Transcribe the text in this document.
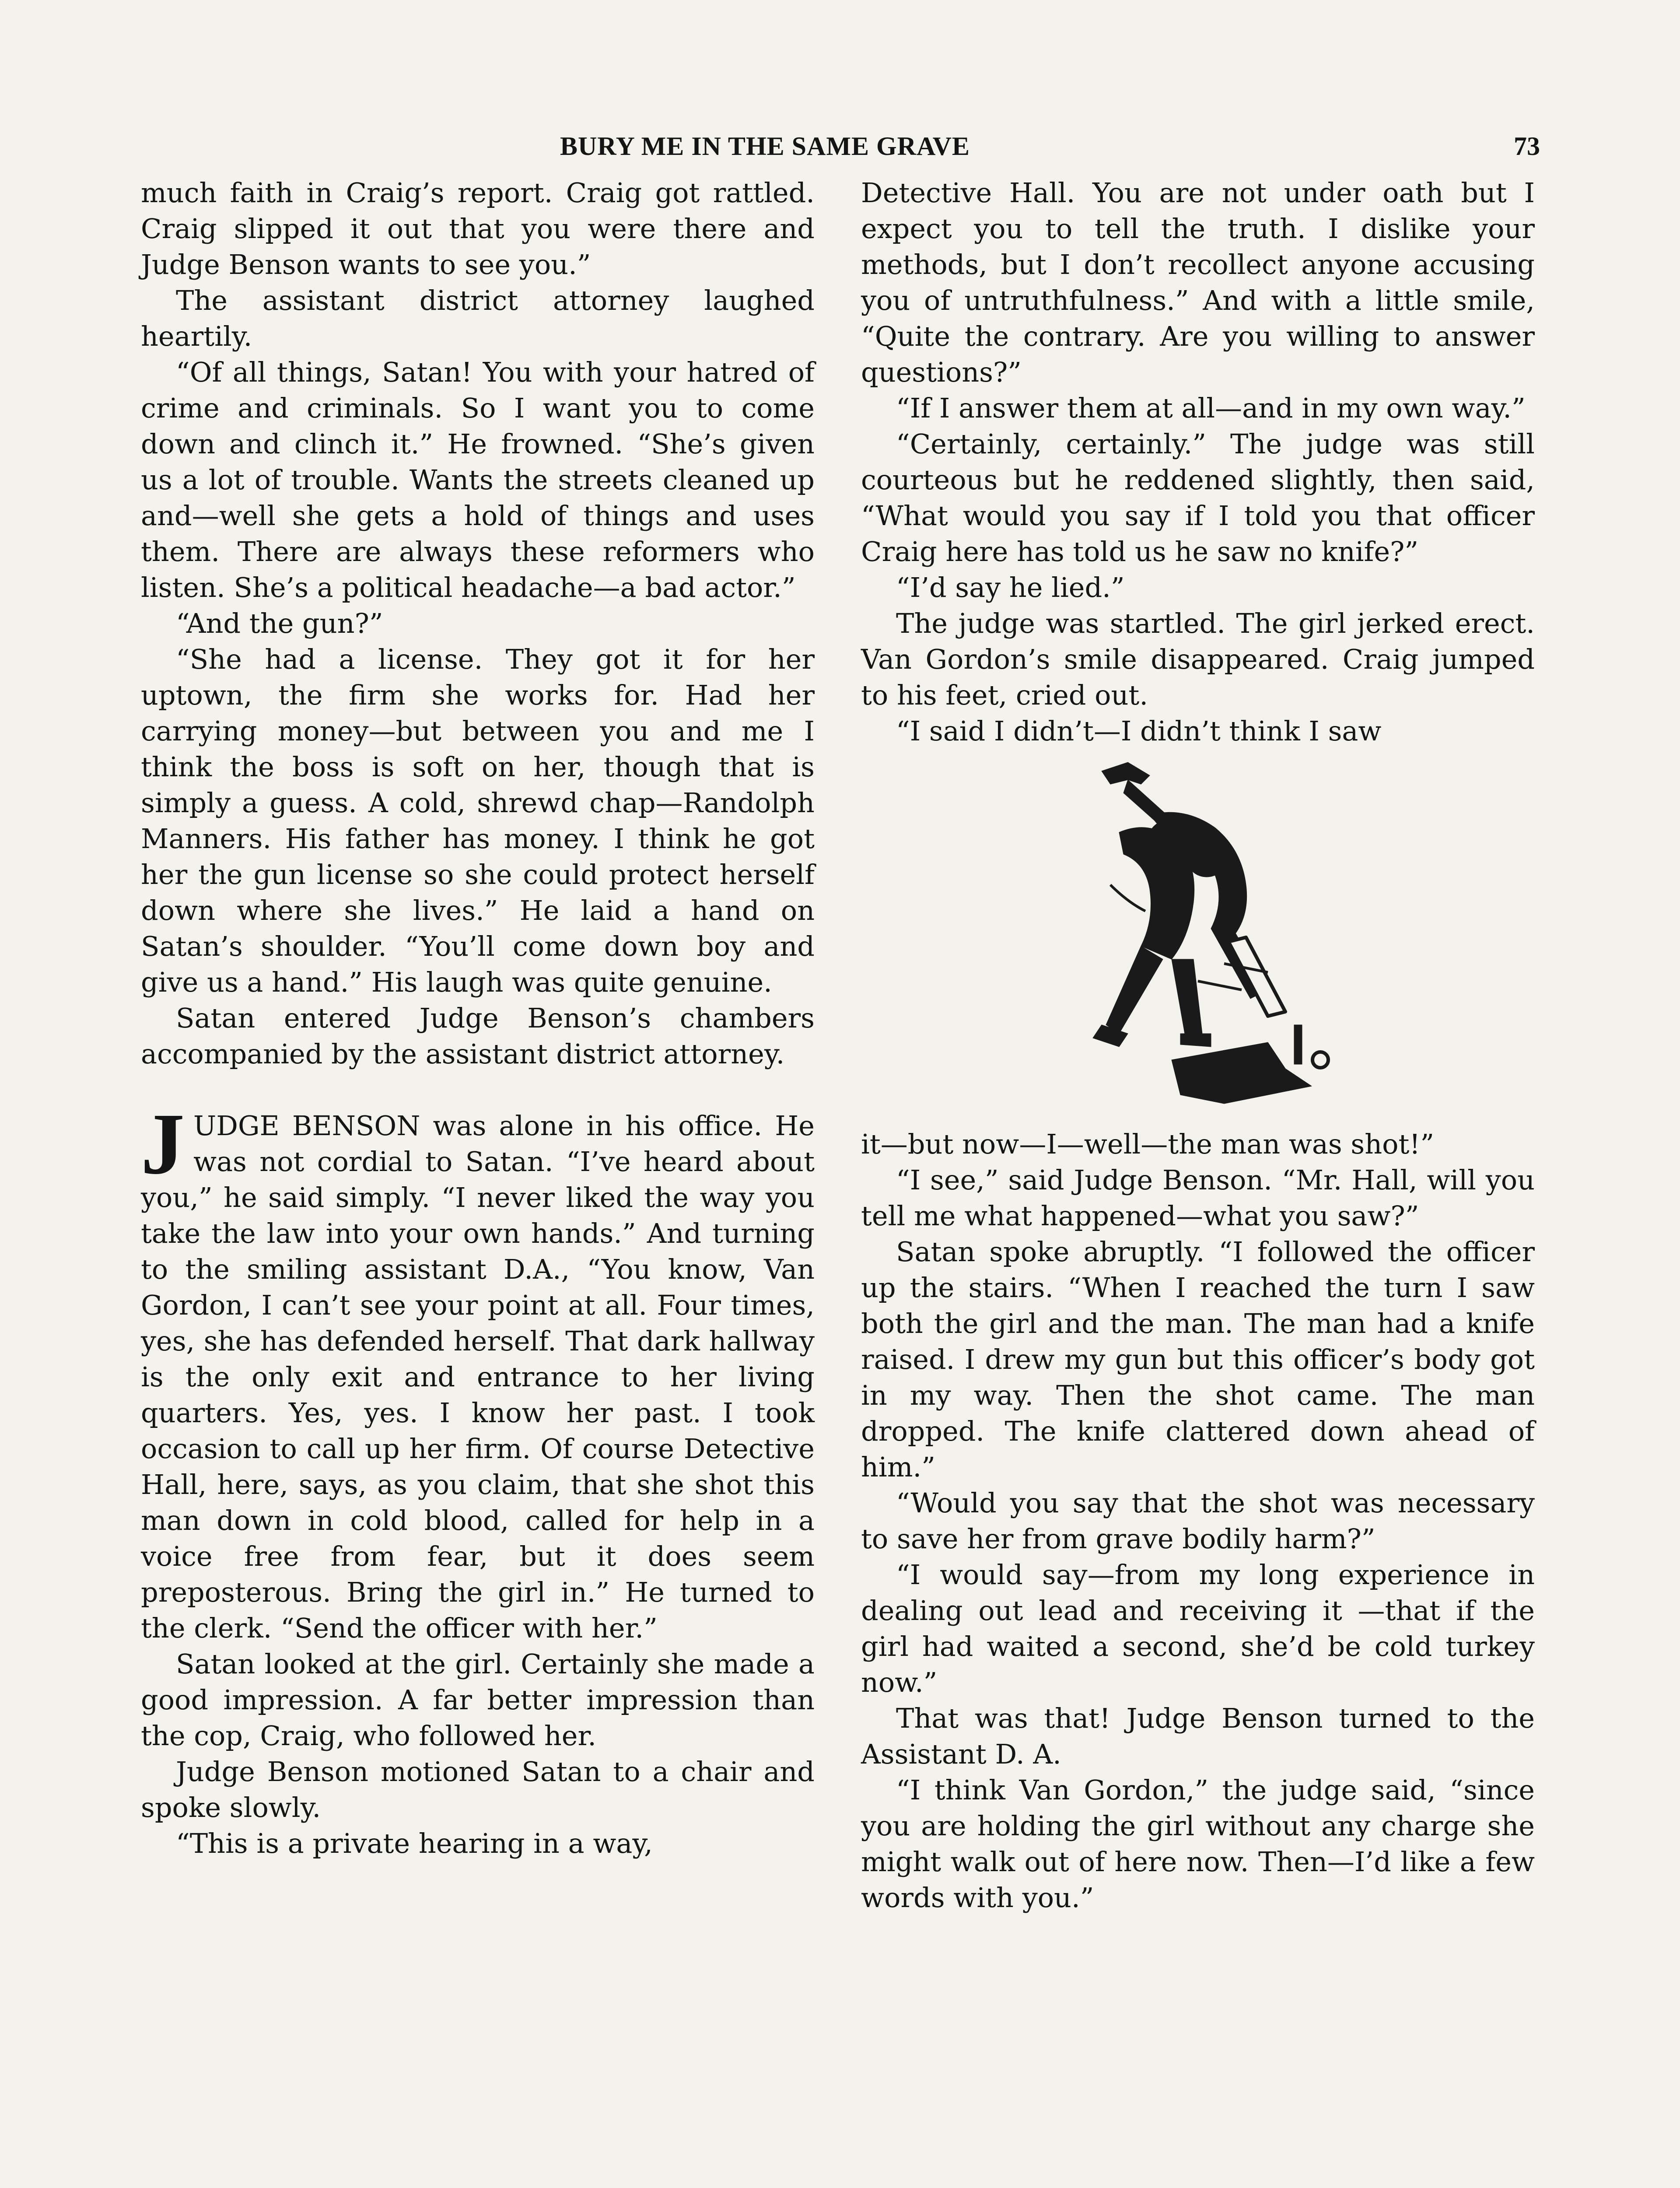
BURY ME IN THE SAME GRAVE	73

much faith in Craig’s report. Craig got rattled. Craig slipped it out that you were there and Judge Benson wants to see you.”

The assistant district attorney laughed heartily.

“Of all things, Satan! You with your hatred of crime and criminals. So I want you to come down and clinch it.” He frowned. “She’s given us a lot of trouble. Wants the streets cleaned up and—well she gets a hold of things and uses them. There are always these reformers who listen. She’s a political headache—a bad actor.”

“And the gun?”

“She had a license. They got it for her uptown, the firm she works for. Had her carrying money—but between you and me I think the boss is soft on her, though that is simply a guess. A cold, shrewd chap—Randolph Manners. His father has money. I think he got her the gun license so she could protect herself down where she lives.” He laid a hand on Satan’s shoulder. “You’ll come down boy and give us a hand.” His laugh was quite genuine.

Satan entered Judge Benson’s chambers accompanied by the assistant district attorney.

JUDGE BENSON was alone in his office. He was not cordial to Satan. “I’ve heard about you,” he said simply. “I never liked the way you take the law into your own hands.” And turning to the smiling assistant D.A., “You know, Van Gordon, I can’t see your point at all. Four times, yes, she has defended herself. That dark hallway is the only exit and entrance to her living quarters. Yes, yes. I know her past. I took occasion to call up her firm. Of course Detective Hall, here, says, as you claim, that she shot this man down in cold blood, called for help in a voice free from fear, but it does seem preposterous. Bring the girl in.” He turned to the clerk. “Send the officer with her.”

Satan looked at the girl. Certainly she made a good impression. A far better impression than the cop, Craig, who followed her.

Judge Benson motioned Satan to a chair and spoke slowly.

“This is a private hearing in a way,

Detective Hall. You are not under oath but I expect you to tell the truth. I dislike your methods, but I don’t recollect anyone accusing you of untruthfulness.” And with a little smile, “Quite the contrary. Are you willing to answer questions?”

“If I answer them at all—and in my own way.”

“Certainly, certainly.” The judge was still courteous but he reddened slightly, then said, “What would you say if I told you that officer Craig here has told us he saw no knife?”

“I’d say he lied.”

The judge was startled. The girl jerked erect. Van Gordon’s smile disappeared. Craig jumped to his feet, cried out.

“I said I didn’t—I didn’t think I saw

it—but now—I—well—the man was shot!”

“I see,” said Judge Benson. “Mr. Hall, will you tell me what happened—what you saw?”

Satan spoke abruptly. “I followed the officer up the stairs. “When I reached the turn I saw both the girl and the man. The man had a knife raised. I drew my gun but this officer’s body got in my way. Then the shot came. The man dropped. The knife clattered down ahead of him.”

“Would you say that the shot was necessary to save her from grave bodily harm?”

“I would say—from my long experience in dealing out lead and receiving it —that if the girl had waited a second, she’d be cold turkey now.”

That was that! Judge Benson turned to the Assistant D. A.

“I think Van Gordon,” the judge said, “since you are holding the girl without any charge she might walk out of here now. Then—I’d like a few words with you.”
